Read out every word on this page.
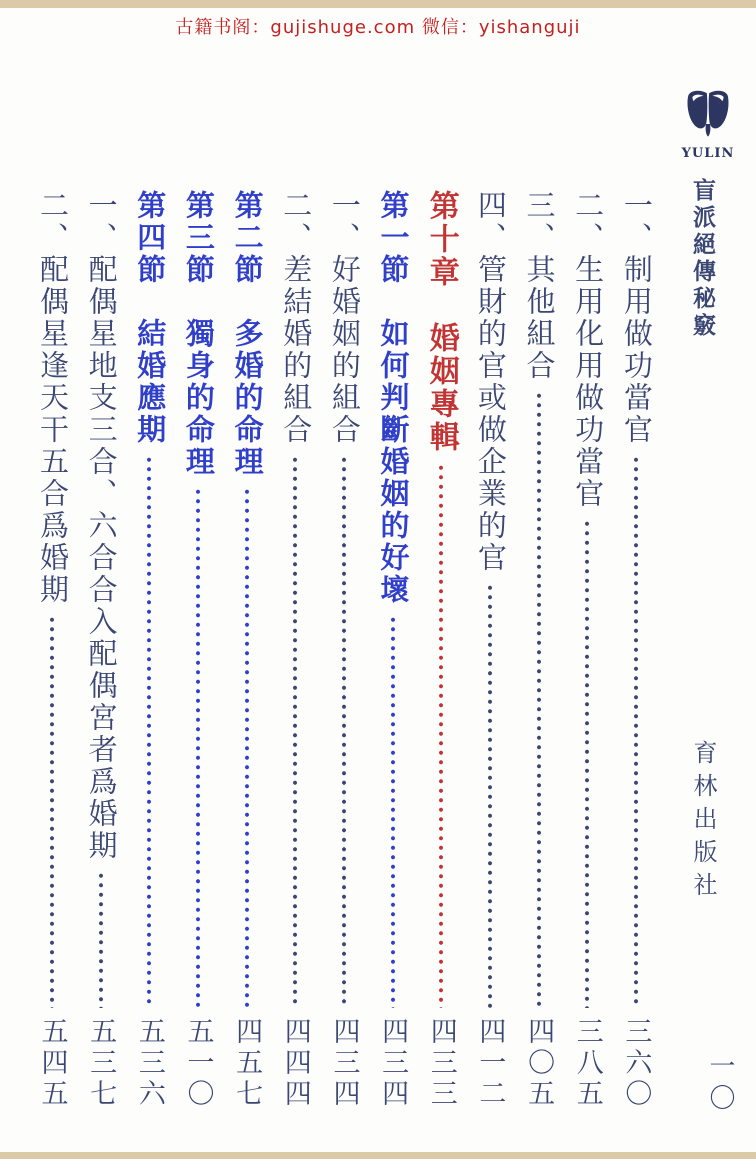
古籍书阁：gujishuge.com 微信：yishanguji
YULIN
盲派絕傳秘竅
育林出版社
一〇
一、制用做功當官
三六〇
二、生用化用做功當官
三八五
三、其他組合
四〇五
四、管財的官或做企業的官
四一二
第十章　婚姻專輯
四三三
第一節　如何判斷婚姻的好壞
四三四
一、好婚姻的組合
四三四
二、差結婚的組合
四四四
第二節　多婚的命理
四五七
第三節　獨身的命理
五一〇
第四節　結婚應期
五三六
一、配偶星地支三合、六合合入配偶宮者爲婚期
五三七
二、配偶星逢天干五合爲婚期
五四五
